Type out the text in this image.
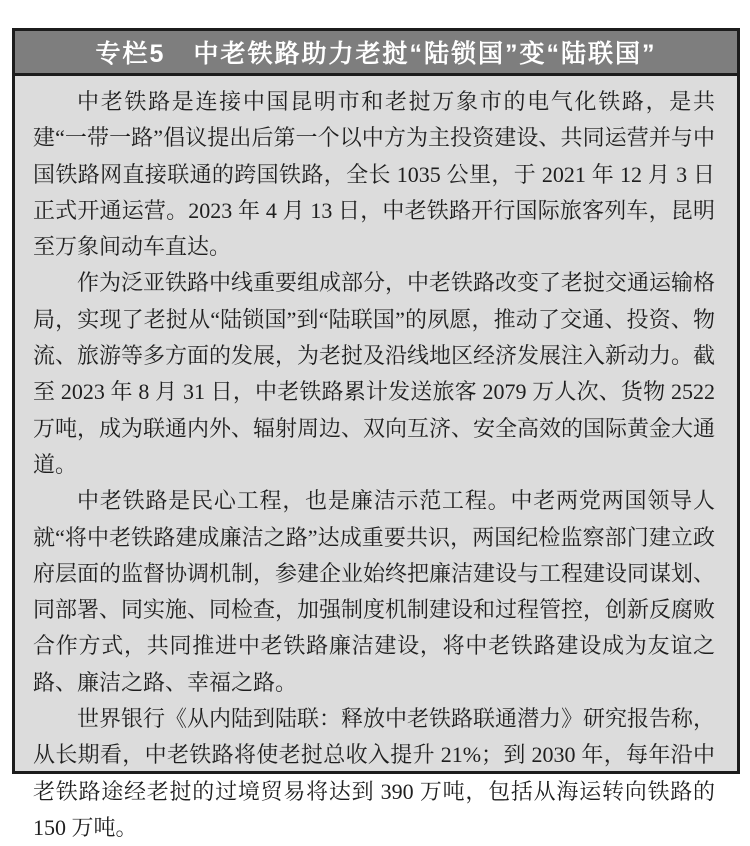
专栏5 中老铁路助力老挝“陆锁国”变“陆联国”

中老铁路是连接中国昆明市和老挝万象市的电气化铁路，是共建“一带一路”倡议提出后第一个以中方为主投资建设、共同运营并与中国铁路网直接联通的跨国铁路，全长 1035 公里，于 2021 年 12 月 3 日正式开通运营。2023 年 4 月 13 日，中老铁路开行国际旅客列车，昆明至万象间动车直达。

作为泛亚铁路中线重要组成部分，中老铁路改变了老挝交通运输格局，实现了老挝从“陆锁国”到“陆联国”的夙愿，推动了交通、投资、物流、旅游等多方面的发展，为老挝及沿线地区经济发展注入新动力。截至 2023 年 8 月 31 日，中老铁路累计发送旅客 2079 万人次、货物 2522 万吨，成为联通内外、辐射周边、双向互济、安全高效的国际黄金大通道。

中老铁路是民心工程，也是廉洁示范工程。中老两党两国领导人就“将中老铁路建成廉洁之路”达成重要共识，两国纪检监察部门建立政府层面的监督协调机制，参建企业始终把廉洁建设与工程建设同谋划、同部署、同实施、同检查，加强制度机制建设和过程管控，创新反腐败合作方式，共同推进中老铁路廉洁建设，将中老铁路建设成为友谊之路、廉洁之路、幸福之路。

世界银行《从内陆到陆联：释放中老铁路联通潜力》研究报告称，从长期看，中老铁路将使老挝总收入提升 21%；到 2030 年，每年沿中老铁路途经老挝的过境贸易将达到 390 万吨，包括从海运转向铁路的 150 万吨。
